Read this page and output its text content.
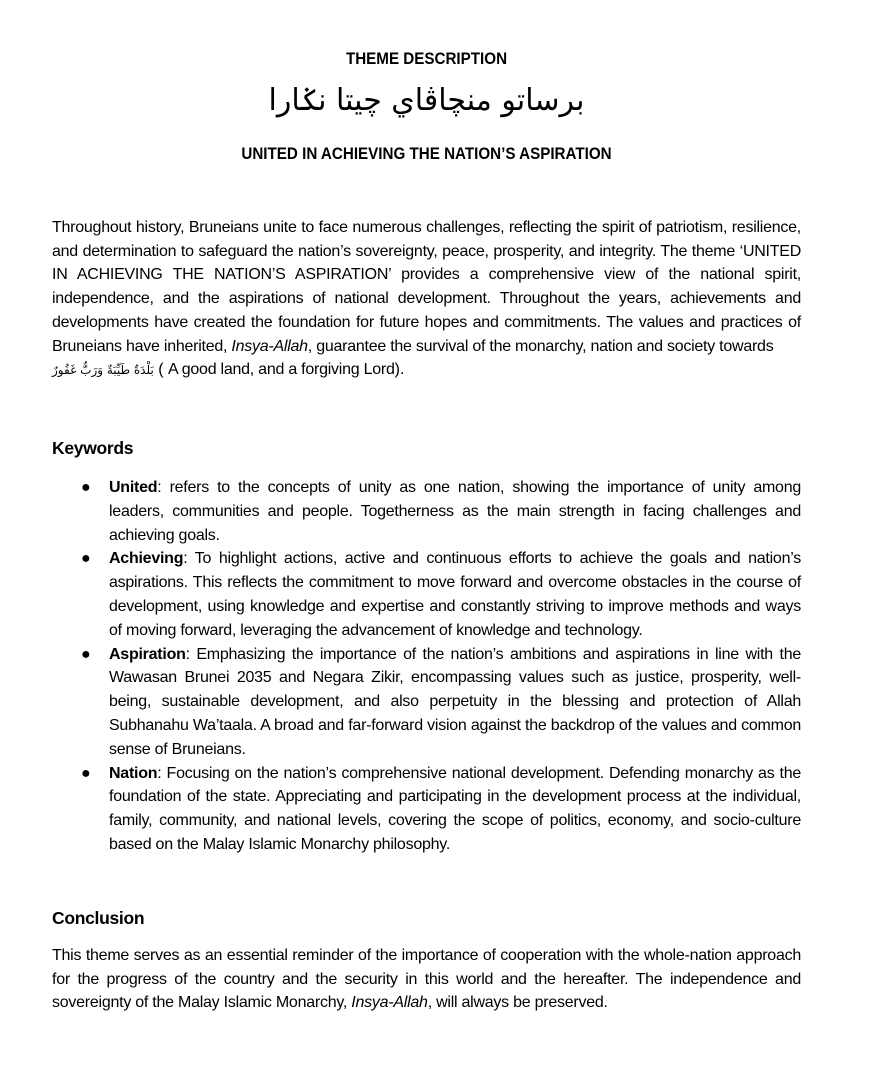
THEME DESCRIPTION
برساتو منچاڤاي چيتا نݢارا
UNITED IN ACHIEVING THE NATION’S ASPIRATION
Throughout history, Bruneians unite to face numerous challenges, reflecting the spirit of patriotism, resilience, and determination to safeguard the nation’s sovereignty, peace, prosperity, and integrity. The theme ‘UNITED IN ACHIEVING THE NATION’S ASPIRATION’ provides a comprehensive view of the national spirit, independence, and the aspirations of national development. Throughout the years, achievements and developments have created the foundation for future hopes and commitments. The values and practices of Bruneians have inherited, Insya-Allah, guarantee the survival of the monarchy, nation and society towards
بَلْدَةٌ طَيِّبَةٌ وَرَبٌّ غَفُورٌ ( A good land, and a forgiving Lord).
Keywords
● United: refers to the concepts of unity as one nation, showing the importance of unity among leaders, communities and people. Togetherness as the main strength in facing challenges and achieving goals.
● Achieving: To highlight actions, active and continuous efforts to achieve the goals and nation’s aspirations. This reflects the commitment to move forward and overcome obstacles in the course of development, using knowledge and expertise and constantly striving to improve methods and ways of moving forward, leveraging the advancement of knowledge and technology.
● Aspiration: Emphasizing the importance of the nation’s ambitions and aspirations in line with the Wawasan Brunei 2035 and Negara Zikir, encompassing values such as justice, prosperity, well-being, sustainable development, and also perpetuity in the blessing and protection of Allah Subhanahu Wa’taala. A broad and far-forward vision against the backdrop of the values and common sense of Bruneians.
● Nation: Focusing on the nation’s comprehensive national development. Defending monarchy as the foundation of the state. Appreciating and participating in the development process at the individual, family, community, and national levels, covering the scope of politics, economy, and socio-culture based on the Malay Islamic Monarchy philosophy.
Conclusion
This theme serves as an essential reminder of the importance of cooperation with the whole-nation approach for the progress of the country and the security in this world and the hereafter. The independence and sovereignty of the Malay Islamic Monarchy, Insya-Allah, will always be preserved.
